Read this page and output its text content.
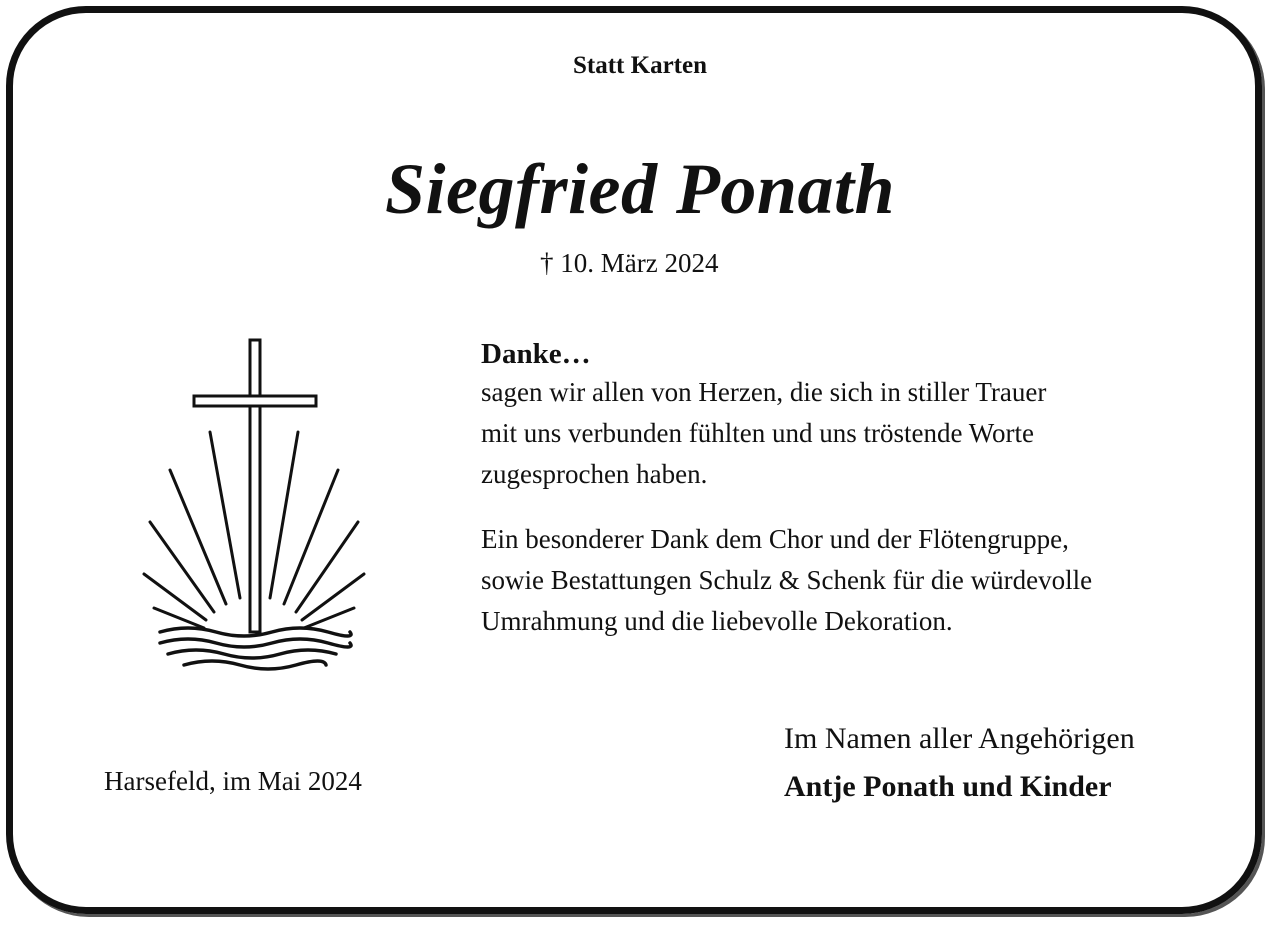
Statt Karten
Siegfried Ponath
† 10. März 2024
Danke…
sagen wir allen von Herzen, die sich in stiller Trauer
mit uns verbunden fühlten und uns tröstende Worte
zugesprochen haben.
Ein besonderer Dank dem Chor und der Flötengruppe,
sowie Bestattungen Schulz & Schenk für die würdevolle
Umrahmung und die liebevolle Dekoration.
Harsefeld, im Mai 2024
Im Namen aller Angehörigen
Antje Ponath und Kinder
